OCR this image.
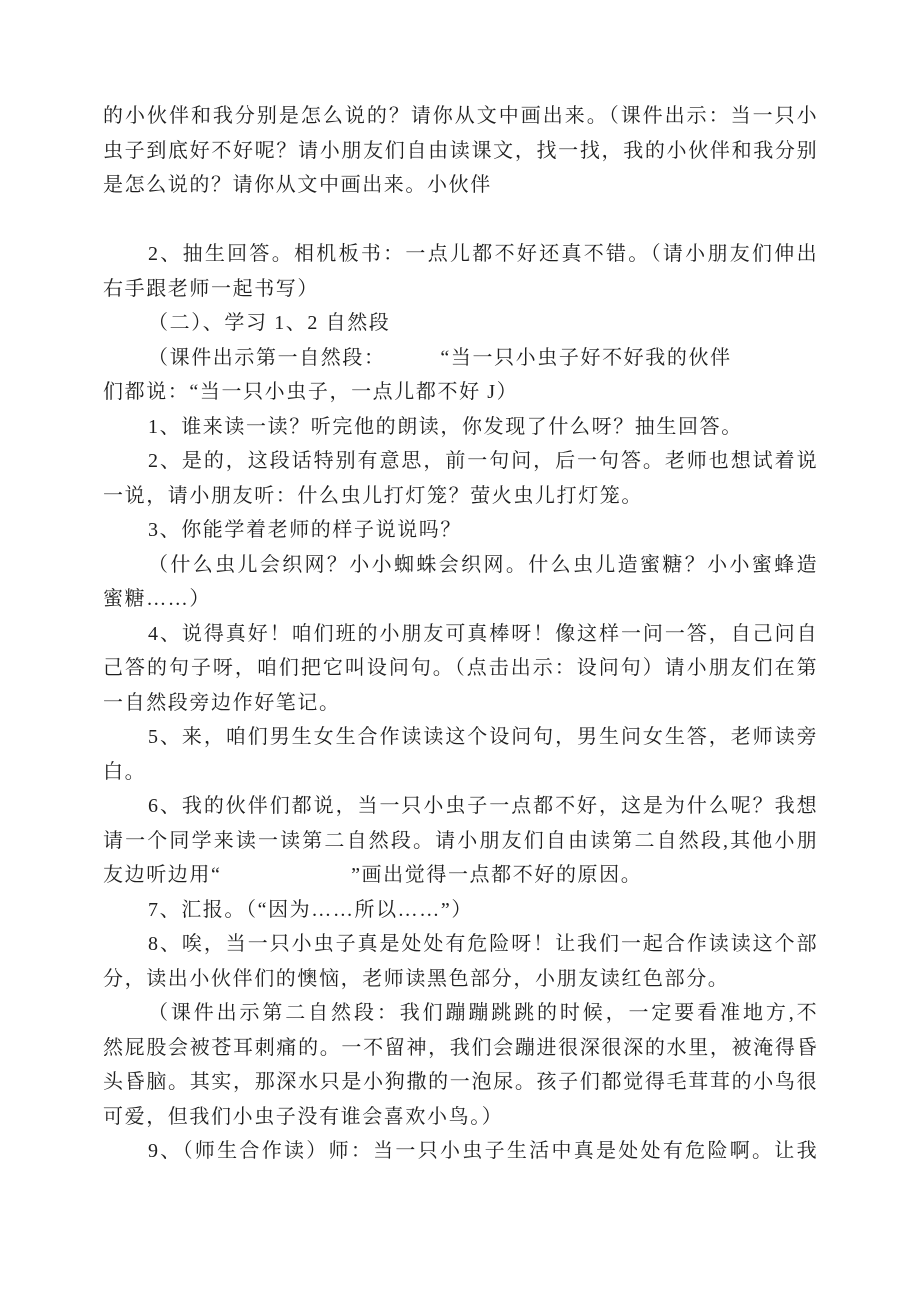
的小伙伴和我分别是怎么说的？请你从文中画出来。（课件出示：当一只小
虫子到底好不好呢？请小朋友们自由读课文，找一找，我的小伙伴和我分别
是怎么说的？请你从文中画出来。小伙伴
2、抽生回答。相机板书：一点儿都不好还真不错。（请小朋友们伸出
右手跟老师一起书写）
（二）、学习 1、2 自然段
（课件出示第一自然段：　　　“当一只小虫子好不好我的伙伴
们都说：“当一只小虫子，一点儿都不好 J）
1、谁来读一读？听完他的朗读，你发现了什么呀？抽生回答。
2、是的，这段话特别有意思，前一句问，后一句答。老师也想试着说
一说，请小朋友听：什么虫儿打灯笼？萤火虫儿打灯笼。
3、你能学着老师的样子说说吗？
（什么虫儿会织网？小小蜘蛛会织网。什么虫儿造蜜糖？小小蜜蜂造
蜜糖……）
4、说得真好！咱们班的小朋友可真棒呀！像这样一问一答，自己问自
己答的句子呀，咱们把它叫设问句。（点击出示：设问句）请小朋友们在第
一自然段旁边作好笔记。
5、来，咱们男生女生合作读读这个设问句，男生问女生答，老师读旁
白。
6、我的伙伴们都说，当一只小虫子一点都不好，这是为什么呢？我想
请一个同学来读一读第二自然段。请小朋友们自由读第二自然段,其他小朋
友边听边用“　　　　　　”画出觉得一点都不好的原因。
7、汇报。（“因为……所以……”）
8、唉，当一只小虫子真是处处有危险呀！让我们一起合作读读这个部
分，读出小伙伴们的懊恼，老师读黑色部分，小朋友读红色部分。
（课件出示第二自然段：我们蹦蹦跳跳的时候，一定要看准地方,不
然屁股会被苍耳刺痛的。一不留神，我们会蹦进很深很深的水里，被淹得昏
头昏脑。其实，那深水只是小狗撒的一泡尿。孩子们都觉得毛茸茸的小鸟很
可爱，但我们小虫子没有谁会喜欢小鸟。）
9、（师生合作读）师：当一只小虫子生活中真是处处有危险啊。让我
